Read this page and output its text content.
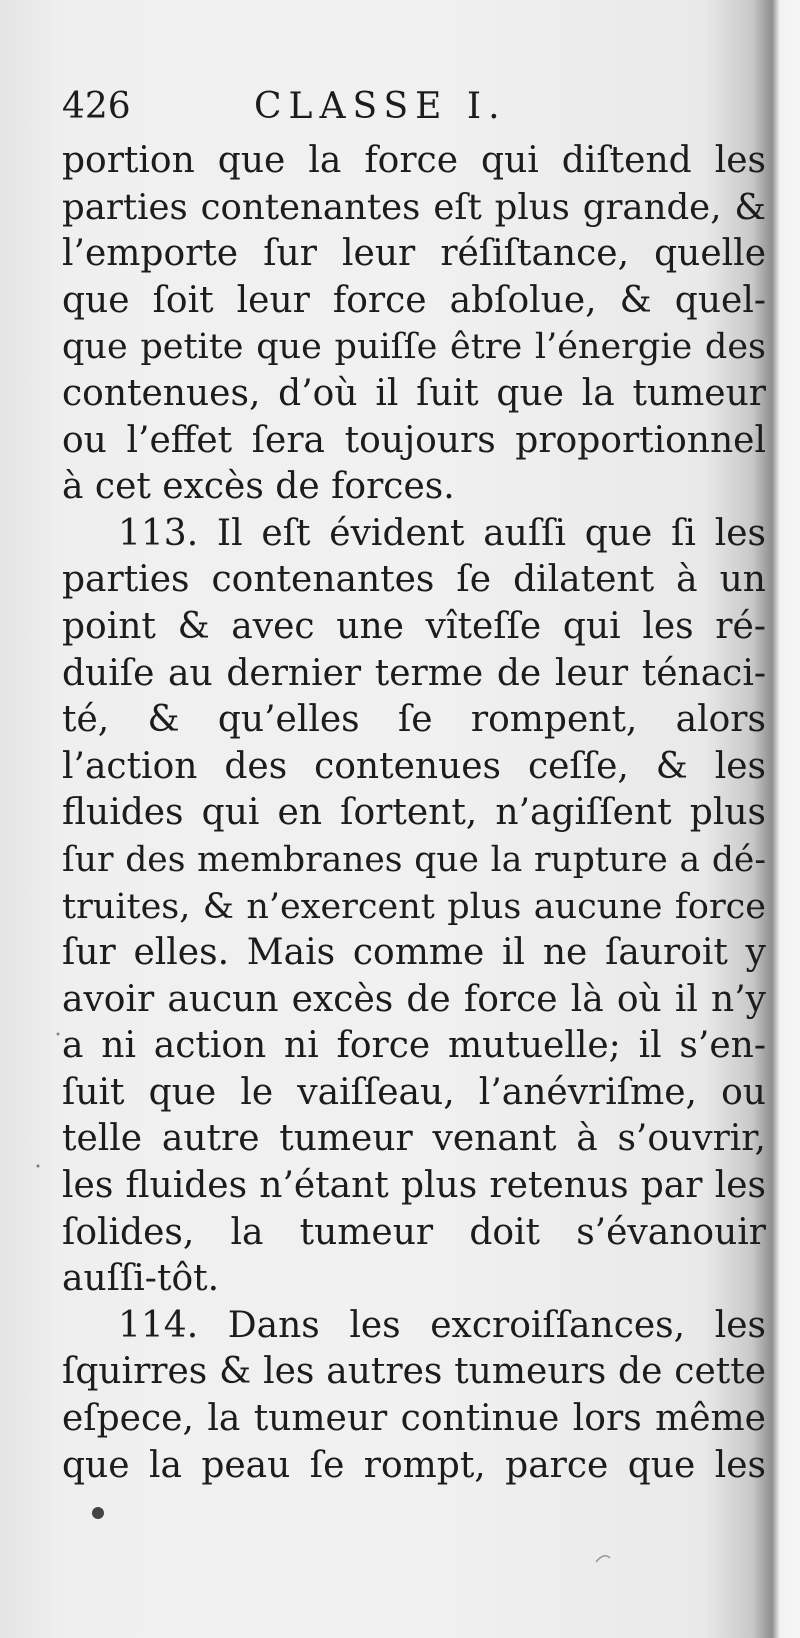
426	CLASSE I.
portion que la force qui diſtend les
parties contenantes eſt plus grande, &
l’emporte ſur leur réſiſtance, quelle
que ſoit leur force abſolue, & quel-
que petite que puiſſe être l’énergie des
contenues, d’où il ſuit que la tumeur
ou l’effet ſera toujours proportionnel
à cet excès de forces.
113. Il eſt évident auſſi que ſi les
parties contenantes ſe dilatent à un
point & avec une vîteſſe qui les ré-
duiſe au dernier terme de leur ténaci-
té, & qu’elles ſe rompent, alors
l’action des contenues ceſſe, & les
fluides qui en ſortent, n’agiſſent plus
ſur des membranes que la rupture a dé-
truites, & n’exercent plus aucune force
ſur elles. Mais comme il ne ſauroit y
avoir aucun excès de force là où il n’y
a ni action ni force mutuelle; il s’en-
ſuit que le vaiſſeau, l’anévriſme, ou
telle autre tumeur venant à s’ouvrir,
les fluides n’étant plus retenus par les
ſolides, la tumeur doit s’évanouir
auſſi-tôt.
114. Dans les excroiſſances, les
ſquirres & les autres tumeurs de cette
eſpece, la tumeur continue lors même
que la peau ſe rompt, parce que les
